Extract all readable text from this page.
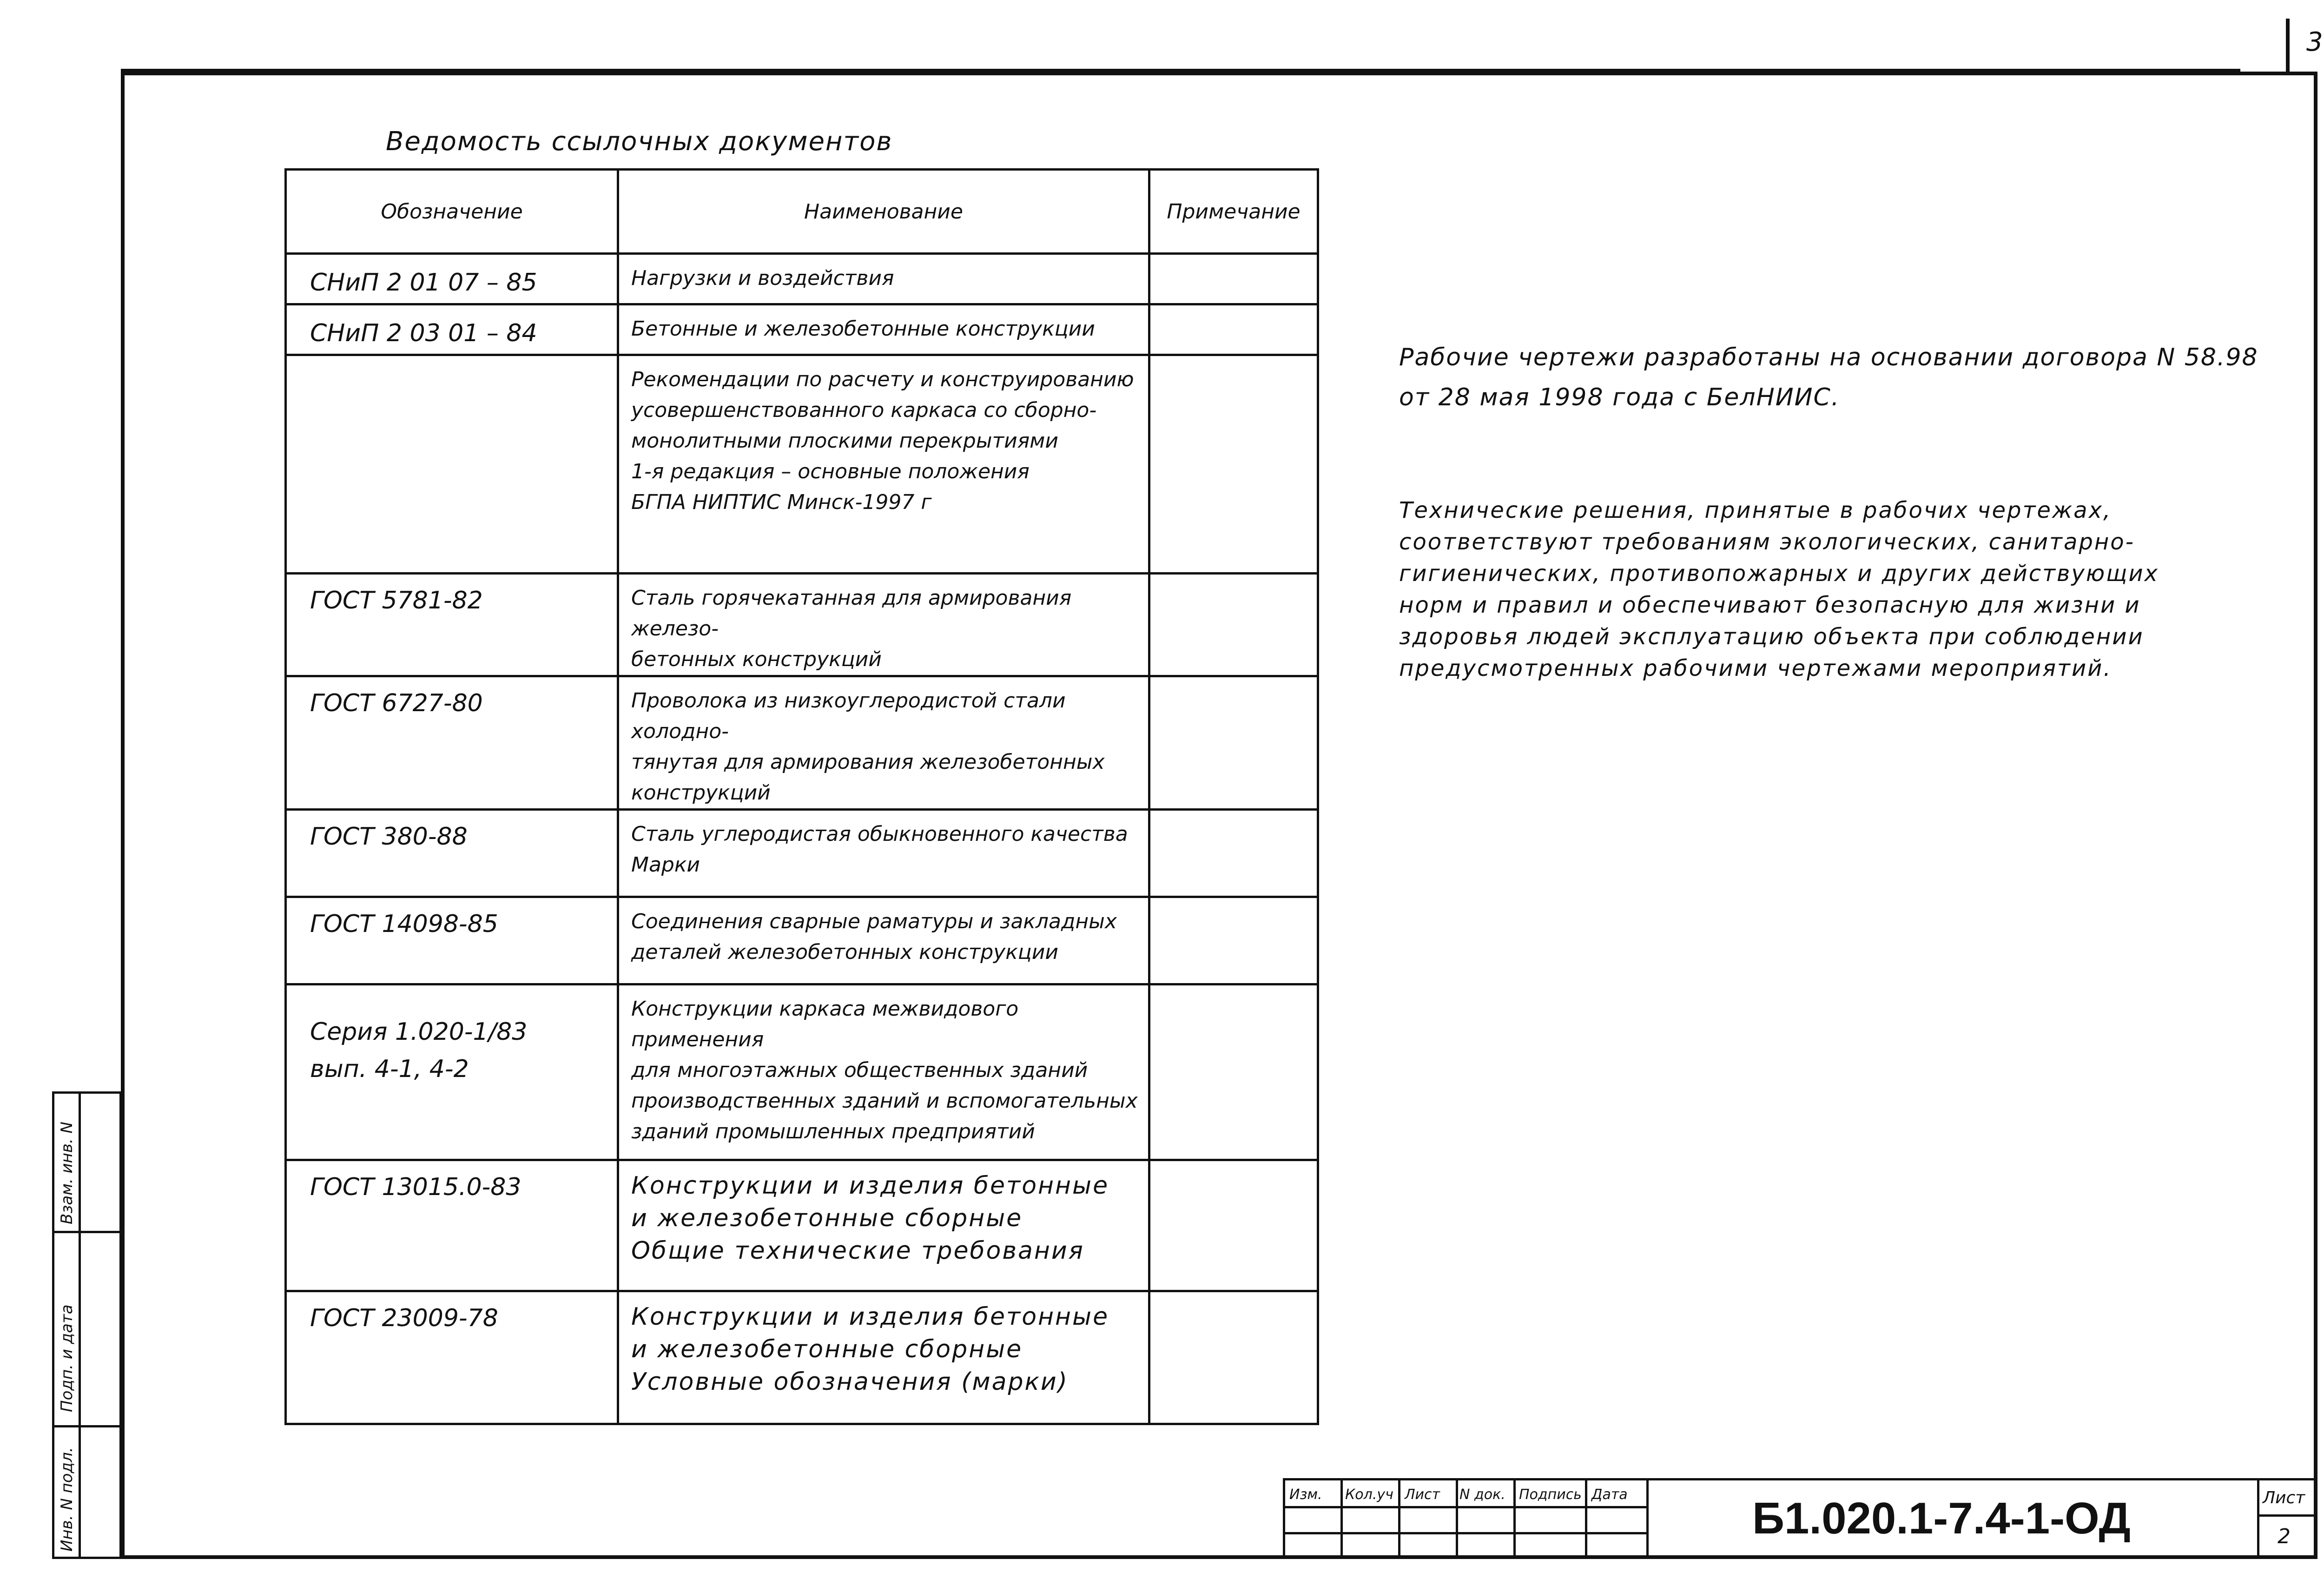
3
Ведомость ссылочных документов
Обозначение	Наименование	Примечание
СНиП 2 01 07 – 85	Нагрузки и воздействия	
СНиП 2 03 01 – 84	Бетонные и железобетонные конструкции	
	Рекомендации по расчету и конструированию
усовершенствованного каркаса со сборно-
монолитными плоскими перекрытиями
1-я редакция – основные положения
БГПА НИПТИС Минск-1997 г	
ГОСТ 5781-82	Сталь горячекатанная для армирования железо-
бетонных конструкций	
ГОСТ 6727-80	Проволока из низкоуглеродистой стали холодно-
тянутая для армирования железобетонных
конструкций	
ГОСТ 380-88	Сталь углеродистая обыкновенного качества
Марки	
ГОСТ 14098-85	Соединения сварные раматуры и закладных
деталей железобетонных конструкции	
Серия 1.020-1/83
вып. 4-1, 4-2	Конструкции каркаса межвидового применения
для многоэтажных общественных зданий
производственных зданий и вспомогательных
зданий промышленных предприятий	
ГОСТ 13015.0-83	Конструкции и изделия бетонные
и железобетонные сборные
Общие технические требования	
ГОСТ 23009-78	Конструкции и изделия бетонные
и железобетонные сборные
Условные обозначения (марки)	
Рабочие чертежи разработаны на основании договора N 58.98
от 28 мая 1998 года с БелНИИС.
Технические решения, принятые в рабочих чертежах,
соответствуют требованиям экологических, санитарно-
гигиенических, противопожарных и других действующих
норм и правил и обеспечивают безопасную для жизни и
здоровья людей эксплуатацию объекта при соблюдении
предусмотренных рабочими чертежами мероприятий.
Взам. инв. N
Подп. и дата
Инв. N подл.	Изм. Кол.уч Лист N док. Подпись Дата	Б1.020.1-7.4-1-ОД	Лист
2
